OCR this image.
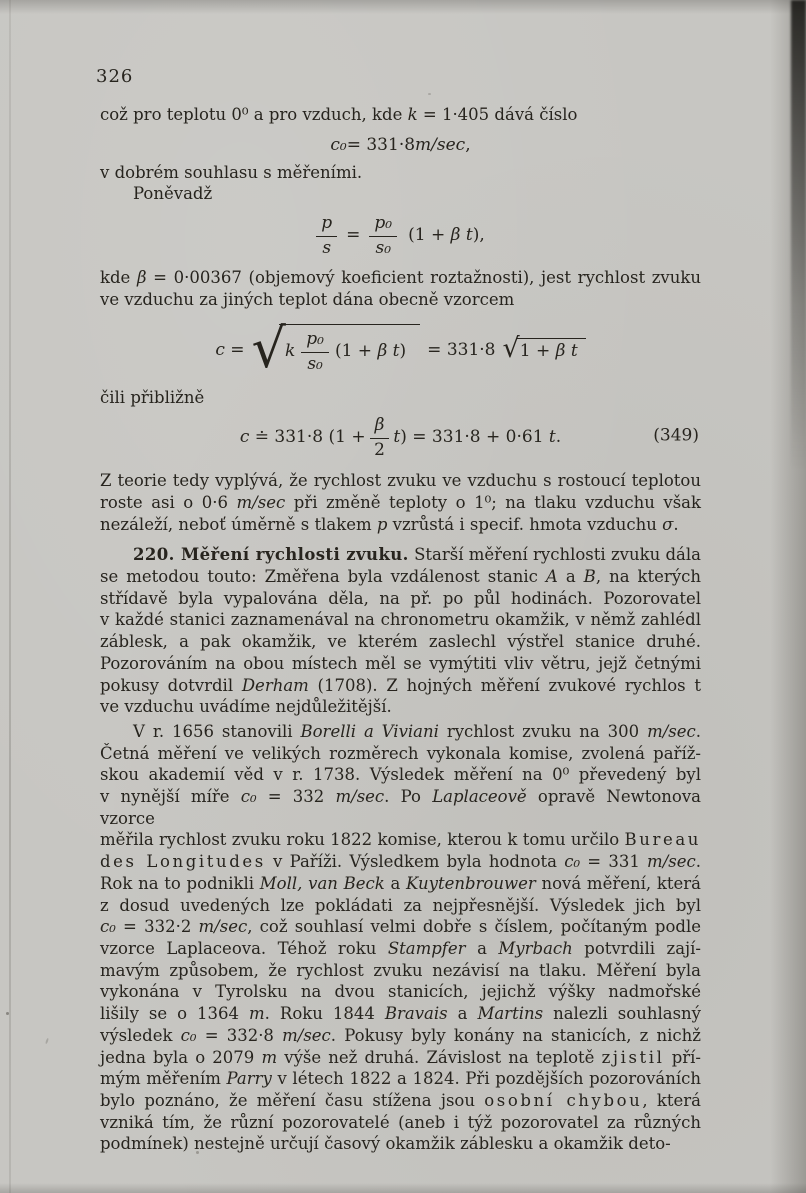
326
což pro teplotu 0⁰ a pro vzduch, kde k = 1·405 dává číslo
c₀ = 331·8 m/sec ,
v dobrém souhlasu s měřeními.
Poněvadž
$\frac{p}{s} = \frac{\text{p₀}}{\text{s₀}} (1 + \beta$ t),
kde β = 0·00367 (objemový koeficient roztažnosti), jest rychlost zvuku
ve vzduchu za jiných teplot dána obecně vzorcem
c = √ k $\frac{\text{p₀}}{\text{s₀}} (1 + \beta$ t) = 331·8 √ 1 + β t
čili přibližně
c ≐ 331·8 $(1 + \frac{\beta}{2} t) = 331\cdot 8 + 0\cdot 61$ t.	(349)
Z teorie tedy vyplývá, že rychlost zvuku ve vzduchu s rostoucí teplotou
roste asi o 0·6 m/sec při změně teploty o 1⁰; na tlaku vzduchu však
nezáleží, neboť úměrně s tlakem p vzrůstá i specif. hmota vzduchu σ.
220. Měření rychlosti zvuku. Starší měření rychlosti zvuku dála
se metodou touto: Změřena byla vzdálenost stanic A a B, na kterých
střídavě byla vypalována děla, na př. po půl hodinách. Pozorovatel
v každé stanici zaznamenával na chronometru okamžik, v němž zahlédl
záblesk, a pak okamžik, ve kterém zaslechl výstřel stanice druhé.
Pozorováním na obou místech měl se vymýtiti vliv větru, jejž četnými
pokusy dotvrdil Derham (1708). Z hojných měření zvukové rychlos t
ve vzduchu uvádíme nejdůležitější.
V r. 1656 stanovili Borelli a Viviani rychlost zvuku na 300 m/sec.
Četná měření ve velikých rozměrech vykonala komise, zvolená paříž-
skou akademií věd v r. 1738. Výsledek měření na 0⁰ převedený byl
v nynější míře c₀ = 332 m/sec. Po Laplaceově opravě Newtonova vzorce
měřila rychlost zvuku roku 1822 komise, kterou k tomu určilo Bureau
des Longitudes v Paříži. Výsledkem byla hodnota c₀ = 331 m/sec.
Rok na to podnikli Moll, van Beck a Kuytenbrouwer nová měření, která
z dosud uvedených lze pokládati za nejpřesnější. Výsledek jich byl
c₀ = 332·2 m/sec, což souhlasí velmi dobře s číslem, počítaným podle
vzorce Laplaceova. Téhož roku Stampfer a Myrbach potvrdili zají-
mavým způsobem, že rychlost zvuku nezávisí na tlaku. Měření byla
vykonána v Tyrolsku na dvou stanicích, jejichž výšky nadmořské
lišily se o 1364 m. Roku 1844 Bravais a Martins nalezli souhlasný
výsledek c₀ = 332·8 m/sec. Pokusy byly konány na stanicích, z nichž
jedna byla o 2079 m výše než druhá. Závislost na teplotě zjistil pří-
mým měřením Parry v létech 1822 a 1824. Při pozdějších pozorováních
bylo poznáno, že měření času stížena jsou osobní chybou, která
vzniká tím, že různí pozorovatelé (aneb i týž pozorovatel za různých
podmínek) nestejně určují časový okamžik záblesku a okamžik deto-
